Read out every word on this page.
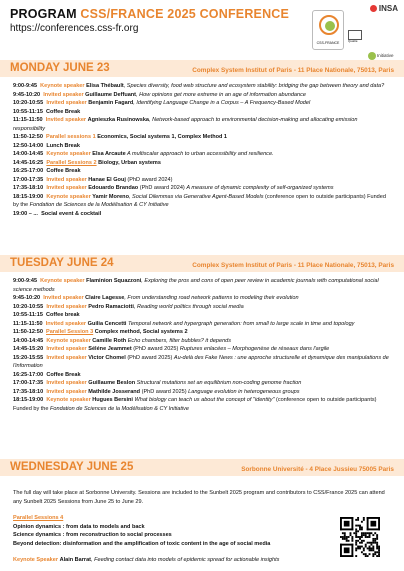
PROGRAM CSS/FRANCE 2025 CONFERENCE
https://conferences.css-fr.org
CSS-FRANCE
INSA
Qualité
Initiative
MONDAY JUNE 23	Complex System Institut of Paris - 11 Place Nationale, 75013, Paris
9:00-9:45 Keynote speaker Elisa Thébault, Species diversity, food web structure and ecosystem stability: bridging the gap between theory and data?
9:45-10:20 Invited speaker Guillaume Deffuant, How opinions get more extreme in an age of information abundance
10:20-10:55 Invited speaker Benjamin Fagard, Identifying Language Change in a Corpus – A Frequency-Based Model
10:55-11:15 Coffee Break
11:15-11:50 Invited speaker Agnieszka Rusinowska, Network-based approach to environmental decision-making and allocating emission responsibility
11:50-12:50 Parallel sessions 1 Economics, Social systems 1, Complex Method 1
12:50-14:00 Lunch Break
14:00-14:45 Keynote speaker Elsa Arcaute A multiscalar approach to urban accessibility and resilience.
14:45-16:25 Parallel Sessions 2 Biology, Urban systems
16:25-17:00 Coffee Break
17:00-17:35 Invited speaker Hanae El Gouj (PhD award 2024)
17:35-18:10 Invited speaker Edouardo Brandao (PhD award 2024) A measure of dynamic complexity of self-organized systems
18:15-19:00 Keynote speaker Yamir Moreno, Social Dilemmas via Generative Agent-Based Models (conference open to outside participants) Funded by the Fondation de Sciences de la Modélisation & CY Initiative
19:00 – ... Social event & cocktail
TUESDAY JUNE 24	Complex System Institut of Paris - 11 Place Nationale, 75013, Paris
9:00-9:45 Keynote speaker Flaminion Squazzoni, Exploring the pros and cons of open peer review in academic journals with computational social science methods
9:45-10:20 Invited speaker Claire Lagesse, From understanding road network patterns to modeling their evolution
10:20-10:55 Invited speaker Pedro Ramaciotti, Reading world politics through social media
10:55-11:15 Coffee break
11:15-11:50 Invited speaker Guilia Cencetti Temporal network and hypergraph generation: from small to large scale in time and topology
11:50-12:50 Parallel Session 3 Complex method, Social systems 2
14:00-14:45 Keynote speaker Camille Roth Echo chambers, filter bubbles? it depends
14:45-15:20 Invited speaker Séléne Jeammet (PhD award 2025) Ruptures enlacées – Morphogenèse de réseaux dans l'argile
15:20-15:55 Invited speaker Victor Chomel (PhD award 2025) Au-delà des Fake News : une approche structurelle et dynamique des manipulations de l'information
16:25-17:00 Coffee Break
17:00-17:35 Invited speaker Guillaume Beslon Structural mutations set an equilibrium non-coding genome fraction
17:35-18:10 Invited speaker Mathilde Josserand (PhD award 2025) Language evolution in heterogeneous groups
18:15-19:00 Keynote speaker Hugues Bersini What biology can teach us about the concept of "identity" (conference open to outside participants) Funded by the Fondation de Sciences de la Modélisation & CY Initiative
WEDNESDAY JUNE 25	Sorbonne Université - 4 Place Jussieu 75005 Paris
The full day will take place at Sorbonne University. Sessions are included to the Sunbelt 2025 program and contributors to CSS/France 2025 can attend any Sunbelt 2025 Sessions from June 25 to June 29.
Parallel Sessions 4
Opinion dynamics : from data to models and back
Science dynamics : from reconstruction to social processes
Beyond detection: disinformation and the amplification of toxic content in the age of social media
Keynote Speaker Alain Barrat, Feeding contact data into models of epidemic spread for actionable insights
